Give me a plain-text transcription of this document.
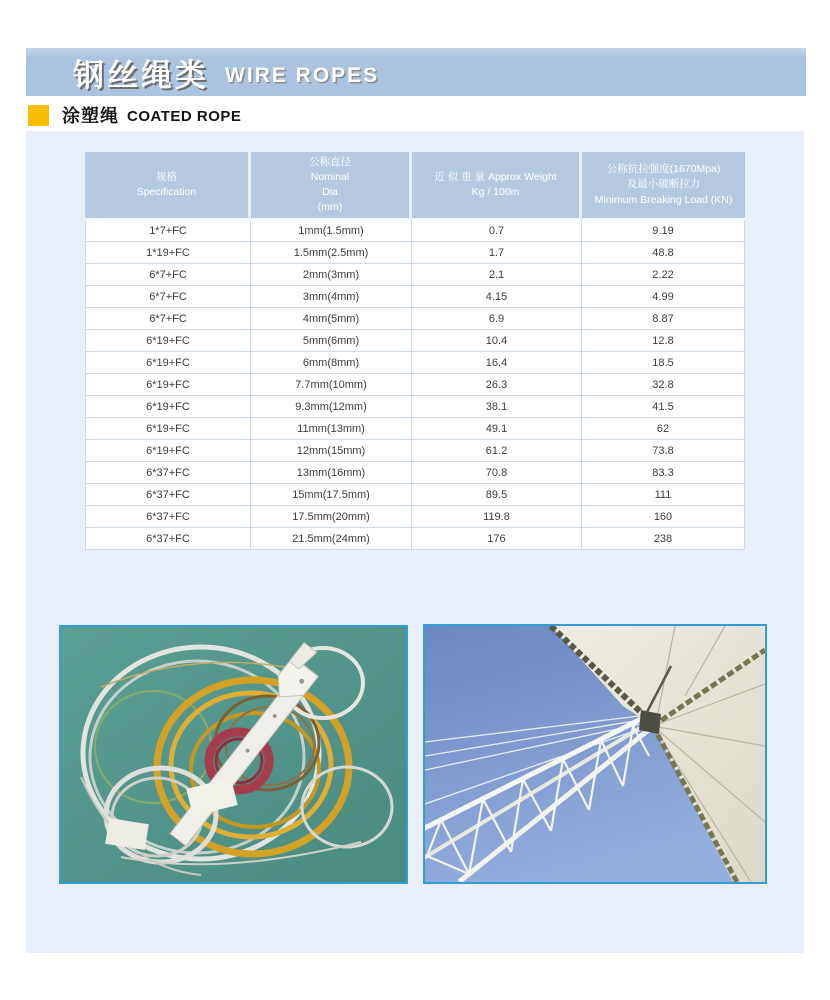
钢丝绳类 WIRE ROPES
涂塑绳 COATED ROPE
规格
Specification

公称直径
Nominal
Dia
(mm)

近 似 重 量 Approx Weight
Kg / 100m

公称抗拉强度(1670Mpa)
及最小破断拉力
Minimum Breaking Load (KN)

1*7+FC	1mm(1.5mm)	0.7	9.19
1*19+FC	1.5mm(2.5mm)	1.7	48.8
6*7+FC	2mm(3mm)	2.1	2.22
6*7+FC	3mm(4mm)	4.15	4.99
6*7+FC	4mm(5mm)	6.9	8.87
6*19+FC	5mm(6mm)	10.4	12.8
6*19+FC	6mm(8mm)	16.4	18.5
6*19+FC	7.7mm(10mm)	26.3	32.8
6*19+FC	9.3mm(12mm)	38.1	41.5
6*19+FC	11mm(13mm)	49.1	62
6*19+FC	12mm(15mm)	61.2	73.8
6*37+FC	13mm(16mm)	70.8	83.3
6*37+FC	15mm(17.5mm)	89.5	111
6*37+FC	17.5mm(20mm)	119.8	160
6*37+FC	21.5mm(24mm)	176	238
